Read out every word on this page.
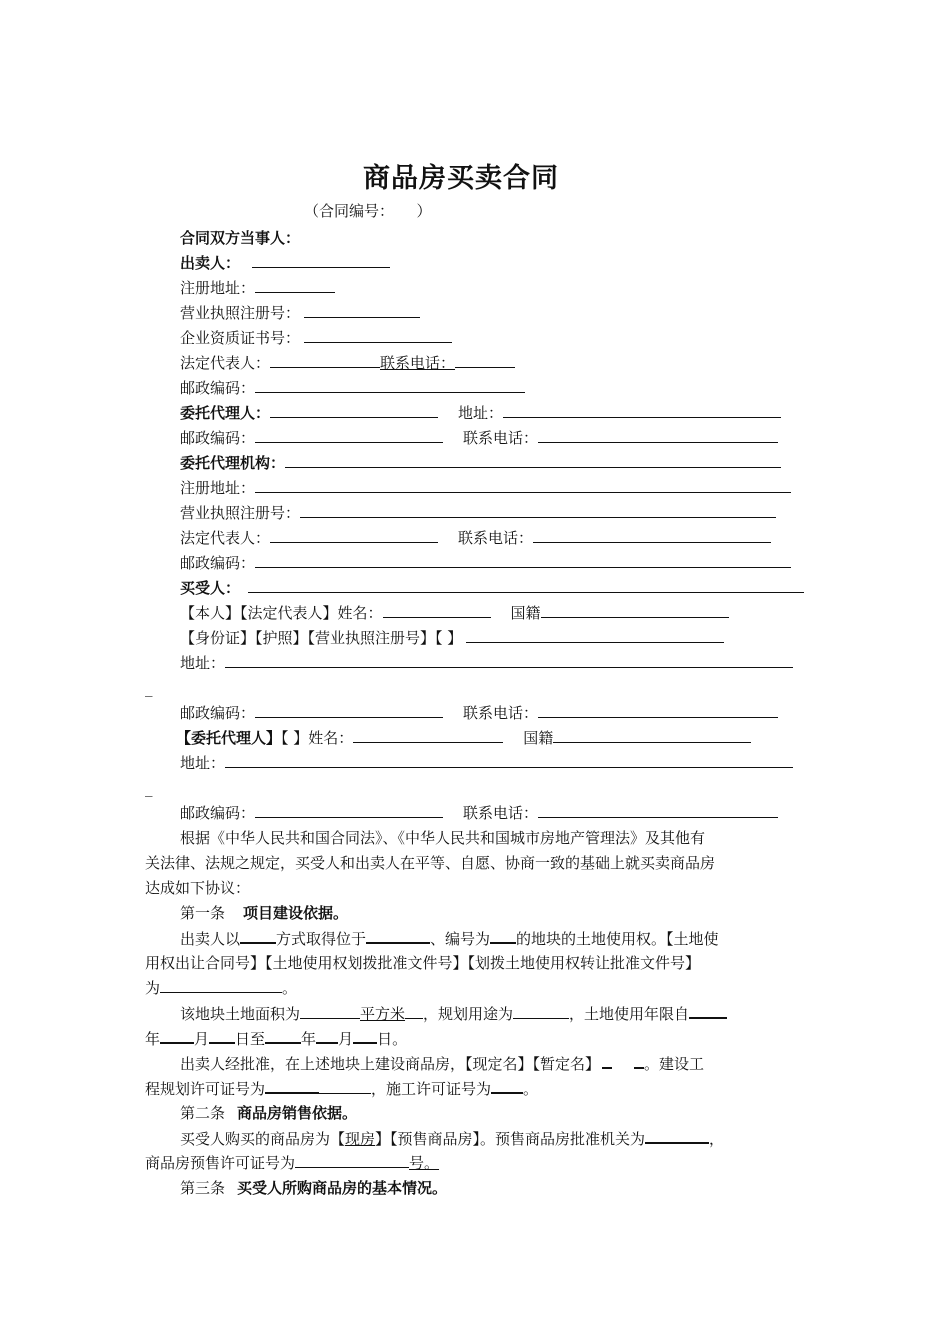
商品房买卖合同
（合同编号：　　）
合同双方当事人：
出卖人：
注册地址：
营业执照注册号：
企业资质证书号：
法定代表人：	联系电话：
邮政编码：
委托代理人：	地址：
邮政编码：	联系电话：
委托代理机构：
注册地址：
营业执照注册号：
法定代表人：	联系电话：
邮政编码：
买受人：
【本人】【法定代表人】姓名：	国籍
【身份证】【护照】【营业执照注册号】【 】
地址：
_
邮政编码：	联系电话：
【委托代理人】【 】姓名：	国籍
地址：
_
邮政编码：	联系电话：
根据《中华人民共和国合同法》、《中华人民共和国城市房地产管理法》及其他有
关法律、法规之规定，买受人和出卖人在平等、自愿、协商一致的基础上就买卖商品房
达成如下协议：
第一条 项目建设依据。
出卖人以 方式取得位于	、编号为 的地块的土地使用权。【土地使
用权出让合同号】【土地使用权划拨批准文件号】【划拨土地使用权转让批准文件号】
为	。
该地块土地面积为	平方米 ，规划用途为	，土地使用年限自
年 月 日至 年 月 日。
出卖人经批准，在上述地块上建设商品房，【现定名】【暂定名】	。建设工
程规划许可证号为	，施工许可证号为 。
第二条 商品房销售依据。
买受人购买的商品房为【现房】【预售商品房】。预售商品房批准机关为	，
商品房预售许可证号为	号。
第三条 买受人所购商品房的基本情况。
